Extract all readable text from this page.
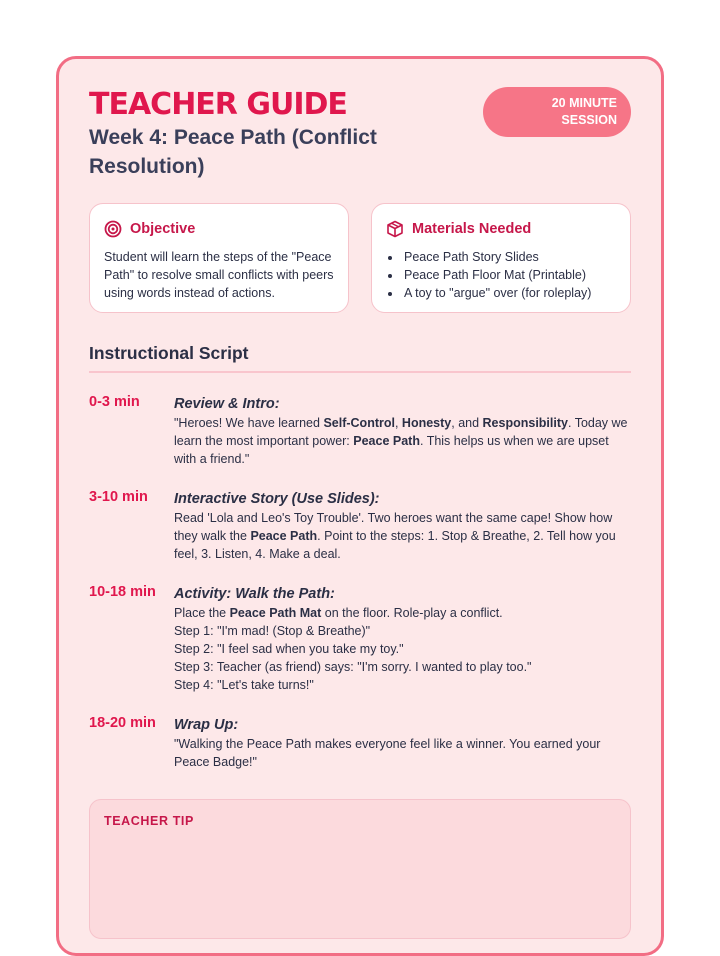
TEACHER GUIDE
Week 4: Peace Path (Conflict Resolution)
20 MINUTE
SESSION
Objective
Student will learn the steps of the "Peace Path" to resolve small conflicts with peers using words instead of actions.
Materials Needed
• Peace Path Story Slides
• Peace Path Floor Mat (Printable)
• A toy to "argue" over (for roleplay)
Instructional Script
0-3 min Review & Intro:
"Heroes! We have learned Self-Control, Honesty, and Responsibility. Today we learn the most important power: Peace Path. This helps us when we are upset with a friend."
3-10 min Interactive Story (Use Slides):
Read 'Lola and Leo's Toy Trouble'. Two heroes want the same cape! Show how they walk the Peace Path. Point to the steps: 1. Stop & Breathe, 2. Tell how you feel, 3. Listen, 4. Make a deal.
10-18 min Activity: Walk the Path:
Place the Peace Path Mat on the floor. Role-play a conflict.
Step 1: "I'm mad! (Stop & Breathe)"
Step 2: "I feel sad when you take my toy."
Step 3: Teacher (as friend) says: "I'm sorry. I wanted to play too."
Step 4: "Let's take turns!"
18-20 min Wrap Up:
"Walking the Peace Path makes everyone feel like a winner. You earned your Peace Badge!"
TEACHER TIP
